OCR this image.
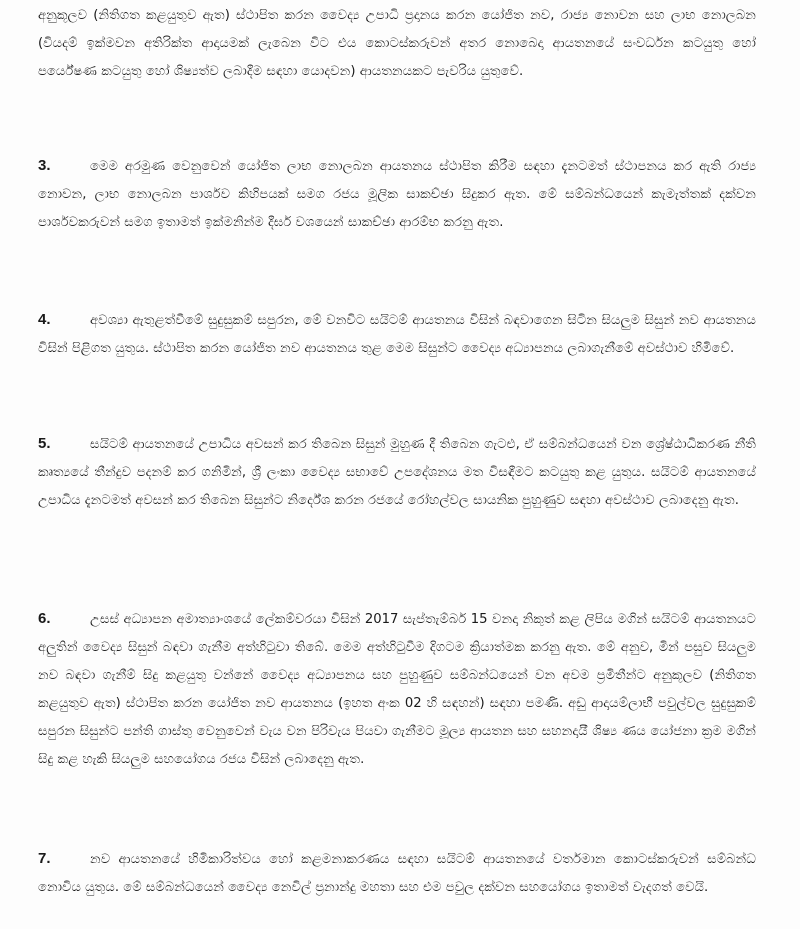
අනුකූලව (නිතිගත කළයුතුව ඇත) ස්ථාපිත කරන වෛද්‍ය උපාධි ප්‍රදානය කරන යෝජිත නව, රාජ්‍ය නොවන සහ ලාභ නොලබන (වියදම් ඉක්මවන අතිරික්ත ආදායමක් ලැබෙන විට එය කොටස්කරුවන් අතර නොබෙදා ආයතනයේ සංවර්ධන කටයුතු හෝ පර්යේෂණ කටයුතු හෝ ශිෂ්‍යත්ව ලබාදීම සඳහා යොදවන) ආයතනයකට පැවරිය යුතුවේ.

3.	මෙම අරමුණ වෙනුවෙන් යෝජිත ලාභ නොලබන ආයතනය ස්ථාපිත කිරීම සඳහා දැනටමත් ස්ථාපනය කර ඇති රාජ්‍ය නොවන, ලාභ නොලබන පාර්ශව කිහිපයක් සමග රජය මූලික සාකච්ඡා සිදුකර ඇත. මේ සම්බන්ධයෙන් කැමැත්තක් දක්වන පාර්ශවකරුවන් සමග ඉතාමත් ඉක්මනින්ම දීර්ඝ වශයෙන් සාකච්ඡා ආරම්භ කරනු ඇත.

4.	අවශ්‍යා ඇතුළත්වීමේ සුදුසුකම් සපුරන, මේ වනවිට සයිටම් ආයතනය විසින් බඳවාගෙන සිටින සියලුම සිසුන් නව ආයතනය විසින් පිළිගත යුතුය. ස්ථාපිත කරන යෝජිත නව ආයතනය තුළ මෙම සිසුන්ට වෛද්‍ය අධ්‍යාපනය ලබාගැනීමේ අවස්ථාව හිමිවේ.

5.	සයිටම් ආයතනයේ උපාධිය අවසන් කර තිබෙන සිසුන් මුහුණ දී තිබෙන ගැටළු, ඒ සම්බන්ධයෙන් වන ශ්‍රේෂ්ඨාධිකරණ නීති කෘත්‍යයේ තීන්දුව පදනම් කර ගනිමින්, ශ්‍රී ලංකා වෛද්‍ය සභාවේ උපදේශනය මත විසඳීමට කටයුතු කළ යුතුය. සයිටම් ආයතනයේ උපාධිය දැනටමත් අවසන් කර තිබෙන සිසුන්ට නිර්දේශ කරන රජයේ රෝහල්වල සායනික පුහුණුව සඳහා අවස්ථාව ලබාදෙනු ඇත.

6.	උසස් අධ්‍යාපන අමාත්‍යාංශයේ ලේකම්වරයා විසින් 2017 සැප්තැම්බර් 15 වනදා නිකුත් කළ ලිපිය මගින් සයිටම් ආයතනයට අලුතින් වෛද්‍ය සිසුන් බඳවා ගැනීම අත්හිටුවා තිබේ. මෙම අත්හිටුවීම දිගටම ක්‍රියාත්මක කරනු ඇත. මේ අනුව, මින් පසුව සියලුම නව බඳවා ගැනීම් සිදු කළයුතු වන්නේ වෛද්‍ය අධ්‍යාපනය සහ පුහුණුව සම්බන්ධයෙන් වන අවම ප්‍රමිතීන්ට අනුකූලව (නිතිගත කළයුතුව ඇත) ස්ථාපිත කරන යෝජිත නව ආයතනය (ඉහත අංක 02 හි සඳහන්) සඳහා පමණි. අඩු ආදායම්ලාභී පවුල්වල සුදුසුකම් සපුරන සිසුන්ට පන්ති ගාස්තු වෙනුවෙන් වැය වන පිරිවැය පියවා ගැනීමට මූල්‍ය ආයතන සහ සහනදායී ශිෂ්‍ය ණය යෝජනා ක්‍රම මගින් සිදු කළ හැකි සියලුම සහයෝගය රජය විසින් ලබාදෙනු ඇත.

7.	නව ආයතනයේ හිමිකාරිත්වය හෝ කළමනාකරණය සඳහා සයිටම් ආයතනයේ වර්තමාන කොටස්කරුවන් සම්බන්ධ නොවිය යුතුය. මේ සම්බන්ධයෙන් වෛද්‍ය නෙවිල් ප්‍රනාන්දු මහතා සහ එම පවුල දක්වන සහයෝගය ඉතාමත් වැදගත් වෙයි.
